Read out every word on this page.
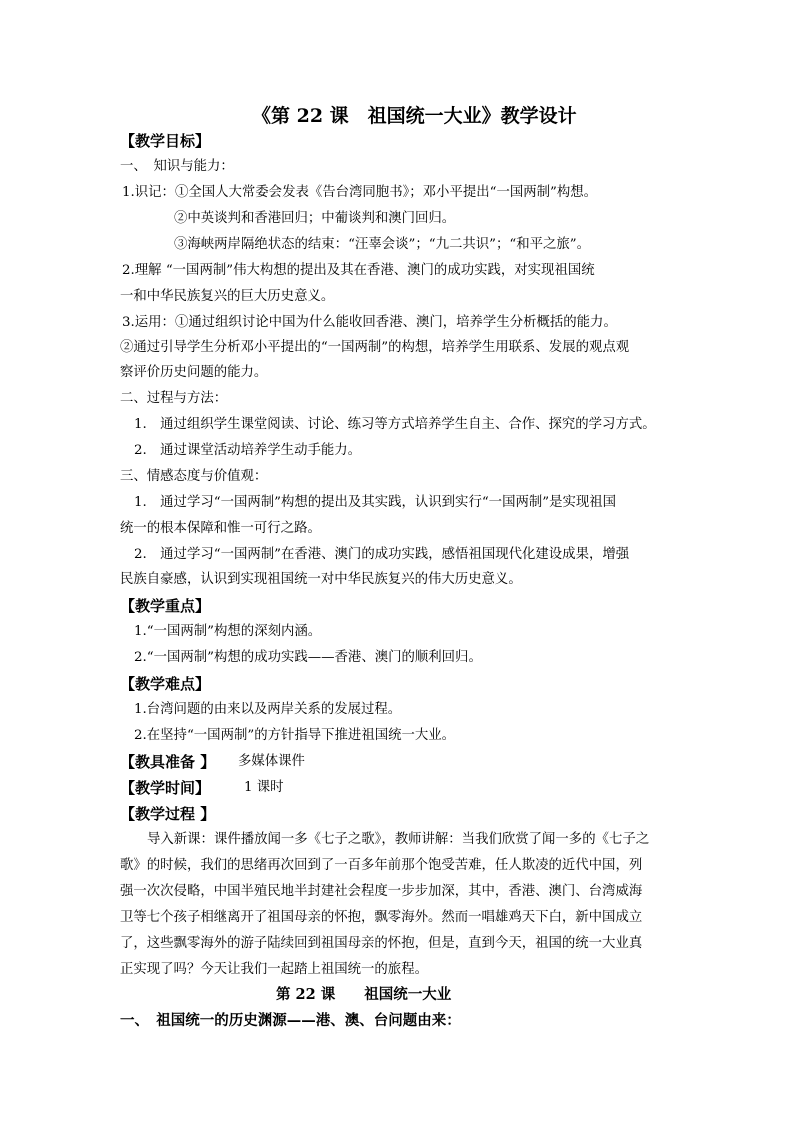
《第 22 课　祖国统一大业》教学设计
【教学目标】
一、　知识与能力：
1.识记：①全国人大常委会发表《告台湾同胞书》；邓小平提出“一国两制”构想。
②中英谈判和香港回归；中葡谈判和澳门回归。
③海峡两岸隔绝状态的结束：“汪辜会谈”；“九二共识”；“和平之旅”。
2.理解 “一国两制”伟大构想的提出及其在香港、澳门的成功实践，对实现祖国统
一和中华民族复兴的巨大历史意义。
3.运用：①通过组织讨论中国为什么能收回香港、澳门，培养学生分析概括的能力。
②通过引导学生分析邓小平提出的“一国两制”的构想，培养学生用联系、发展的观点观
察评价历史问题的能力。
二、过程与方法：
1.　通过组织学生课堂阅读、讨论、练习等方式培养学生自主、合作、探究的学习方式。
2.　通过课堂活动培养学生动手能力。
三、情感态度与价值观：
1.　通过学习“一国两制”构想的提出及其实践，认识到实行“一国两制”是实现祖国
统一的根本保障和惟一可行之路。
2.　通过学习“一国两制”在香港、澳门的成功实践，感悟祖国现代化建设成果，增强
民族自豪感，认识到实现祖国统一对中华民族复兴的伟大历史意义。
【教学重点】
1.“一国两制”构想的深刻内涵。
2.“一国两制”构想的成功实践——香港、澳门的顺利回归。
【教学难点】
1.台湾问题的由来以及两岸关系的发展过程。
2.在坚持“一国两制”的方针指导下推进祖国统一大业。
【教具准备 】 多媒体课件
【教学时间】	1 课时
【教学过程 】
导入新课：课件播放闻一多《七子之歌》，教师讲解：当我们欣赏了闻一多的《七子之
歌》的时候，我们的思绪再次回到了一百多年前那个饱受苦难，任人欺凌的近代中国，列
强一次次侵略，中国半殖民地半封建社会程度一步步加深，其中，香港、澳门、台湾威海
卫等七个孩子相继离开了祖国母亲的怀抱，飘零海外。然而一唱雄鸡天下白，新中国成立
了，这些飘零海外的游子陆续回到祖国母亲的怀抱，但是，直到今天，祖国的统一大业真
正实现了吗？今天让我们一起踏上祖国统一的旅程。
第 22 课　　祖国统一大业
一、　祖国统一的历史渊源——港、澳、台问题由来：
